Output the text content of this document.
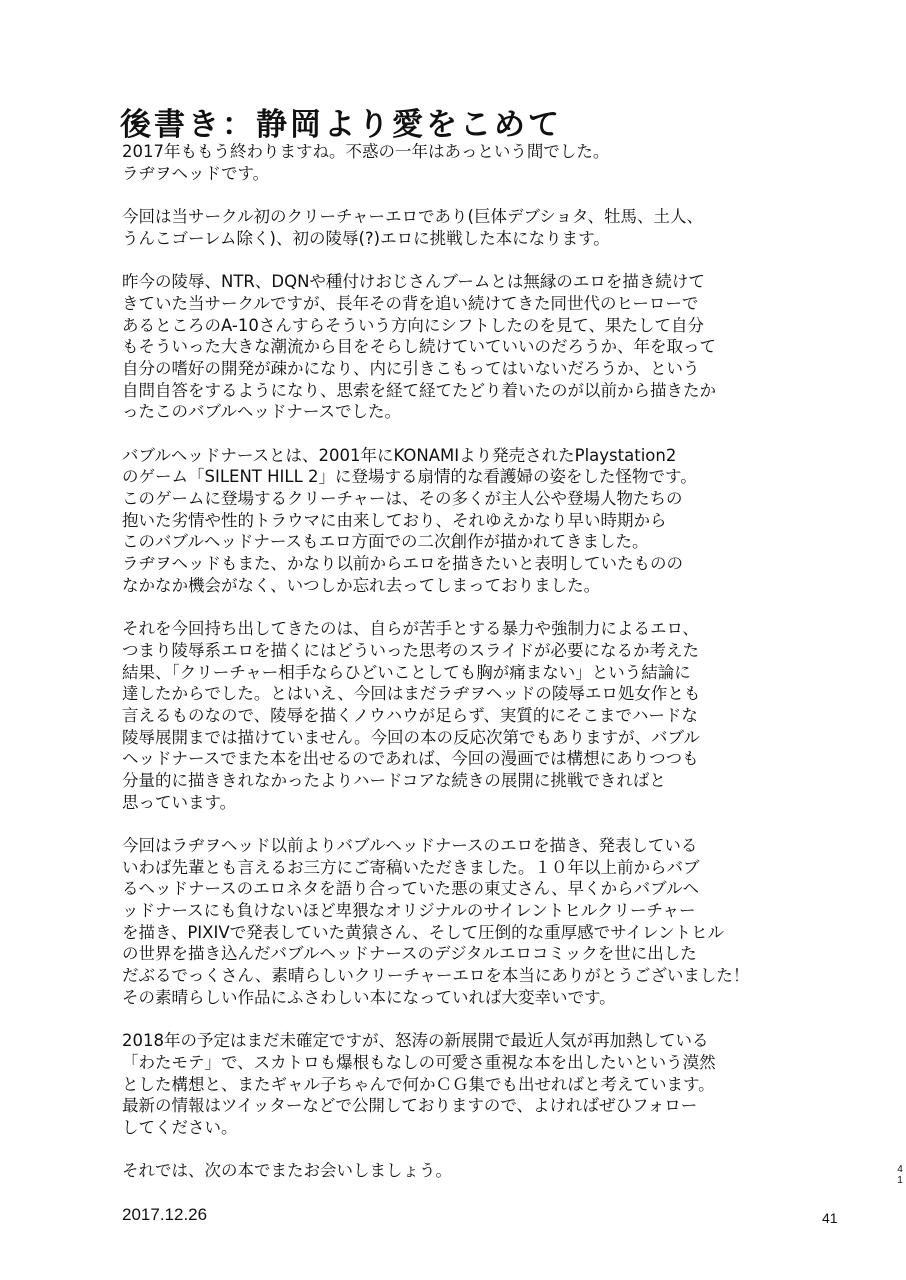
後書き：静岡より愛をこめて
2017年ももう終わりますね。不惑の一年はあっという間でした。
ラヂヲヘッドです。
今回は当サークル初のクリーチャーエロであり(巨体デブショタ、牡馬、土人、
うんこゴーレム除く)、初の陵辱(?)エロに挑戦した本になります。
昨今の陵辱、NTR、DQNや種付けおじさんブームとは無縁のエロを描き続けて
きていた当サークルですが、長年その背を追い続けてきた同世代のヒーローで
あるところのA-10さんすらそういう方向にシフトしたのを見て、果たして自分
もそういった大きな潮流から目をそらし続けていていいのだろうか、年を取って
自分の嗜好の開発が疎かになり、内に引きこもってはいないだろうか、という
自問自答をするようになり、思索を経て経てたどり着いたのが以前から描きたか
ったこのバブルヘッドナースでした。
バブルヘッドナースとは、2001年にKONAMIより発売されたPlaystation2
のゲーム「SILENT HILL 2」に登場する扇情的な看護婦の姿をした怪物です。
このゲームに登場するクリーチャーは、その多くが主人公や登場人物たちの
抱いた劣情や性的トラウマに由来しており、それゆえかなり早い時期から
このバブルヘッドナースもエロ方面での二次創作が描かれてきました。
ラヂヲヘッドもまた、かなり以前からエロを描きたいと表明していたものの
なかなか機会がなく、いつしか忘れ去ってしまっておりました。
それを今回持ち出してきたのは、自らが苦手とする暴力や強制力によるエロ、
つまり陵辱系エロを描くにはどういった思考のスライドが必要になるか考えた
結果、「クリーチャー相手ならひどいことしても胸が痛まない」という結論に
達したからでした。とはいえ、今回はまだラヂヲヘッドの陵辱エロ処女作とも
言えるものなので、陵辱を描くノウハウが足らず、実質的にそこまでハードな
陵辱展開までは描けていません。今回の本の反応次第でもありますが、バブル
ヘッドナースでまた本を出せるのであれば、今回の漫画では構想にありつつも
分量的に描ききれなかったよりハードコアな続きの展開に挑戦できればと
思っています。
今回はラヂヲヘッド以前よりバブルヘッドナースのエロを描き、発表している
いわば先輩とも言えるお三方にご寄稿いただきました。１０年以上前からバブ
るヘッドナースのエロネタを語り合っていた悪の東丈さん、早くからバブルヘ
ッドナースにも負けないほど卑猥なオリジナルのサイレントヒルクリーチャー
を描き、PIXIVで発表していた黄猿さん、そして圧倒的な重厚感でサイレントヒル
の世界を描き込んだバブルヘッドナースのデジタルエロコミックを世に出した
だぶるでっくさん、素晴らしいクリーチャーエロを本当にありがとうございました！
その素晴らしい作品にふさわしい本になっていれば大変幸いです。
2018年の予定はまだ未確定ですが、怒涛の新展開で最近人気が再加熱している
「わたモテ」で、スカトロも爆根もなしの可愛さ重視な本を出したいという漠然
とした構想と、またギャル子ちゃんで何かＣＧ集でも出せればと考えています。
最新の情報はツイッターなどで公開しておりますので、よければぜひフォロー
してください。
それでは、次の本でまたお会いしましょう。
2017.12.26
4
1
41
